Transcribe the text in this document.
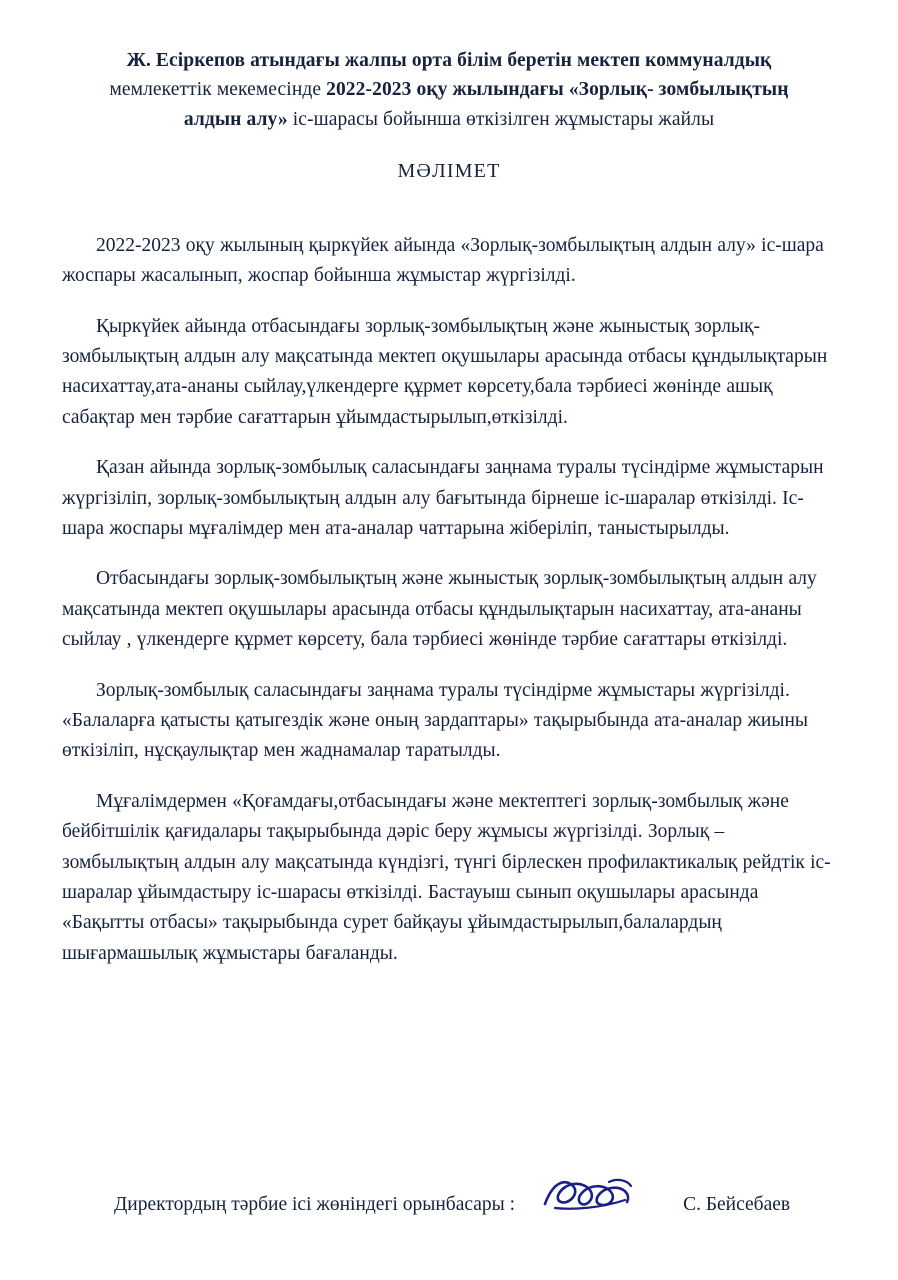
Ж. Есіркепов атындағы жалпы орта білім беретін мектеп коммуналдық
мемлекеттік мекемесінде 2022-2023 оқу жылындағы «Зорлық- зомбылықтың
алдын алу» іс-шарасы бойынша өткізілген жұмыстары жайлы
МӘЛІМЕТ

2022-2023 оқу жылының қыркүйек айында «Зорлық-зомбылықтың алдын алу» іс-шара жоспары жасалынып, жоспар бойынша жұмыстар жүргізілді.

Қыркүйек айында отбасындағы зорлық-зомбылықтың және жыныстық зорлық-зомбылықтың алдын алу мақсатында мектеп оқушылары арасында отбасы құндылықтарын насихаттау,ата-ананы сыйлау,үлкендерге құрмет көрсету,бала тәрбиесі жөнінде ашық сабақтар мен тәрбие сағаттарын ұйымдастырылып,өткізілді.

Қазан айында зорлық-зомбылық саласындағы заңнама туралы түсіндірме жұмыстарын жүргізіліп, зорлық-зомбылықтың алдын алу бағытында бірнеше іс-шаралар өткізілді. Іс-шара жоспары мұғалімдер мен ата-аналар чаттарына жіберіліп, таныстырылды.

Отбасындағы зорлық-зомбылықтың және жыныстық зорлық-зомбылықтың алдын алу мақсатында мектеп оқушылары арасында отбасы құндылықтарын насихаттау, ата-ананы сыйлау , үлкендерге құрмет көрсету, бала тәрбиесі жөнінде тәрбие сағаттары өткізілді.

Зорлық-зомбылық саласындағы заңнама туралы түсіндірме жұмыстары жүргізілді. «Балаларға қатысты қатыгездік және оның зардаптары» тақырыбында ата-аналар жиыны өткізіліп, нұсқаулықтар мен жаднамалар таратылды.

Мұғалімдермен «Қоғамдағы,отбасындағы және мектептегі зорлық-зомбылық және бейбітшілік қағидалары тақырыбында дәріс беру жұмысы жүргізілді. Зорлық – зомбылықтың алдын алу мақсатында күндізгі, түнгі бірлескен профилактикалық рейдтік іс-шаралар ұйымдастыру іс-шарасы өткізілді. Бастауыш сынып оқушылары арасында «Бақытты отбасы» тақырыбында сурет байқауы ұйымдастырылып,балалардың шығармашылық жұмыстары бағаланды.

Директордың тәрбие ісі жөніндегі орынбасары :	С. Бейсебаев
